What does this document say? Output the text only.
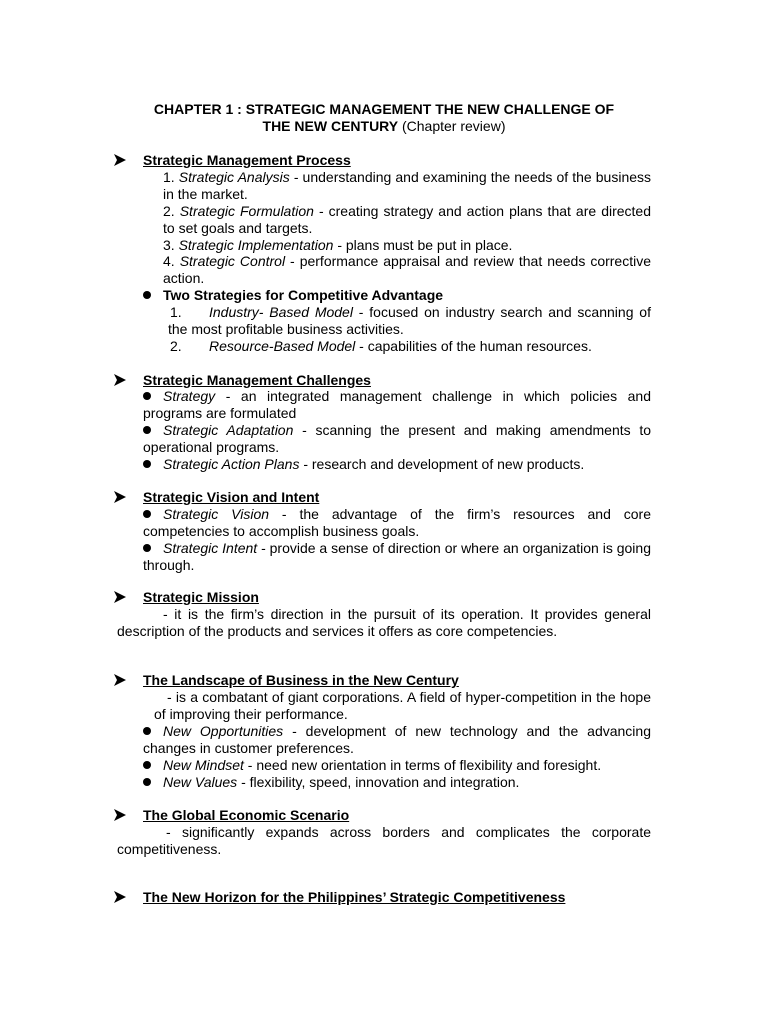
CHAPTER 1 : STRATEGIC MANAGEMENT THE NEW CHALLENGE OF
THE NEW CENTURY (Chapter review)
Strategic Management Process
1. Strategic Analysis - understanding and examining the needs of the business in the market.
2. Strategic Formulation - creating strategy and action plans that are directed to set goals and targets.
3. Strategic Implementation - plans must be put in place.
4. Strategic Control - performance appraisal and review that needs corrective action.
Two Strategies for Competitive Advantage
1.	Industry- Based Model - focused on industry search and scanning of the most profitable business activities.
2. Resource-Based Model - capabilities of the human resources.
Strategic Management Challenges
Strategy - an integrated management challenge in which policies and programs are formulated
Strategic Adaptation - scanning the present and making amendments to operational programs.
Strategic Action Plans - research and development of new products.
Strategic Vision and Intent
Strategic Vision - the advantage of the firm’s resources and core competencies to accomplish business goals.
Strategic Intent - provide a sense of direction or where an organization is going through.
Strategic Mission
- it is the firm’s direction in the pursuit of its operation. It provides general description of the products and services it offers as core competencies.
The Landscape of Business in the New Century
- is a combatant of giant corporations. A field of hyper-competition in the hope of improving their performance.
New Opportunities - development of new technology and the advancing changes in customer preferences.
New Mindset - need new orientation in terms of flexibility and foresight.
New Values - flexibility, speed, innovation and integration.
The Global Economic Scenario
- significantly expands across borders and complicates the corporate competitiveness.
The New Horizon for the Philippines’ Strategic Competitiveness
